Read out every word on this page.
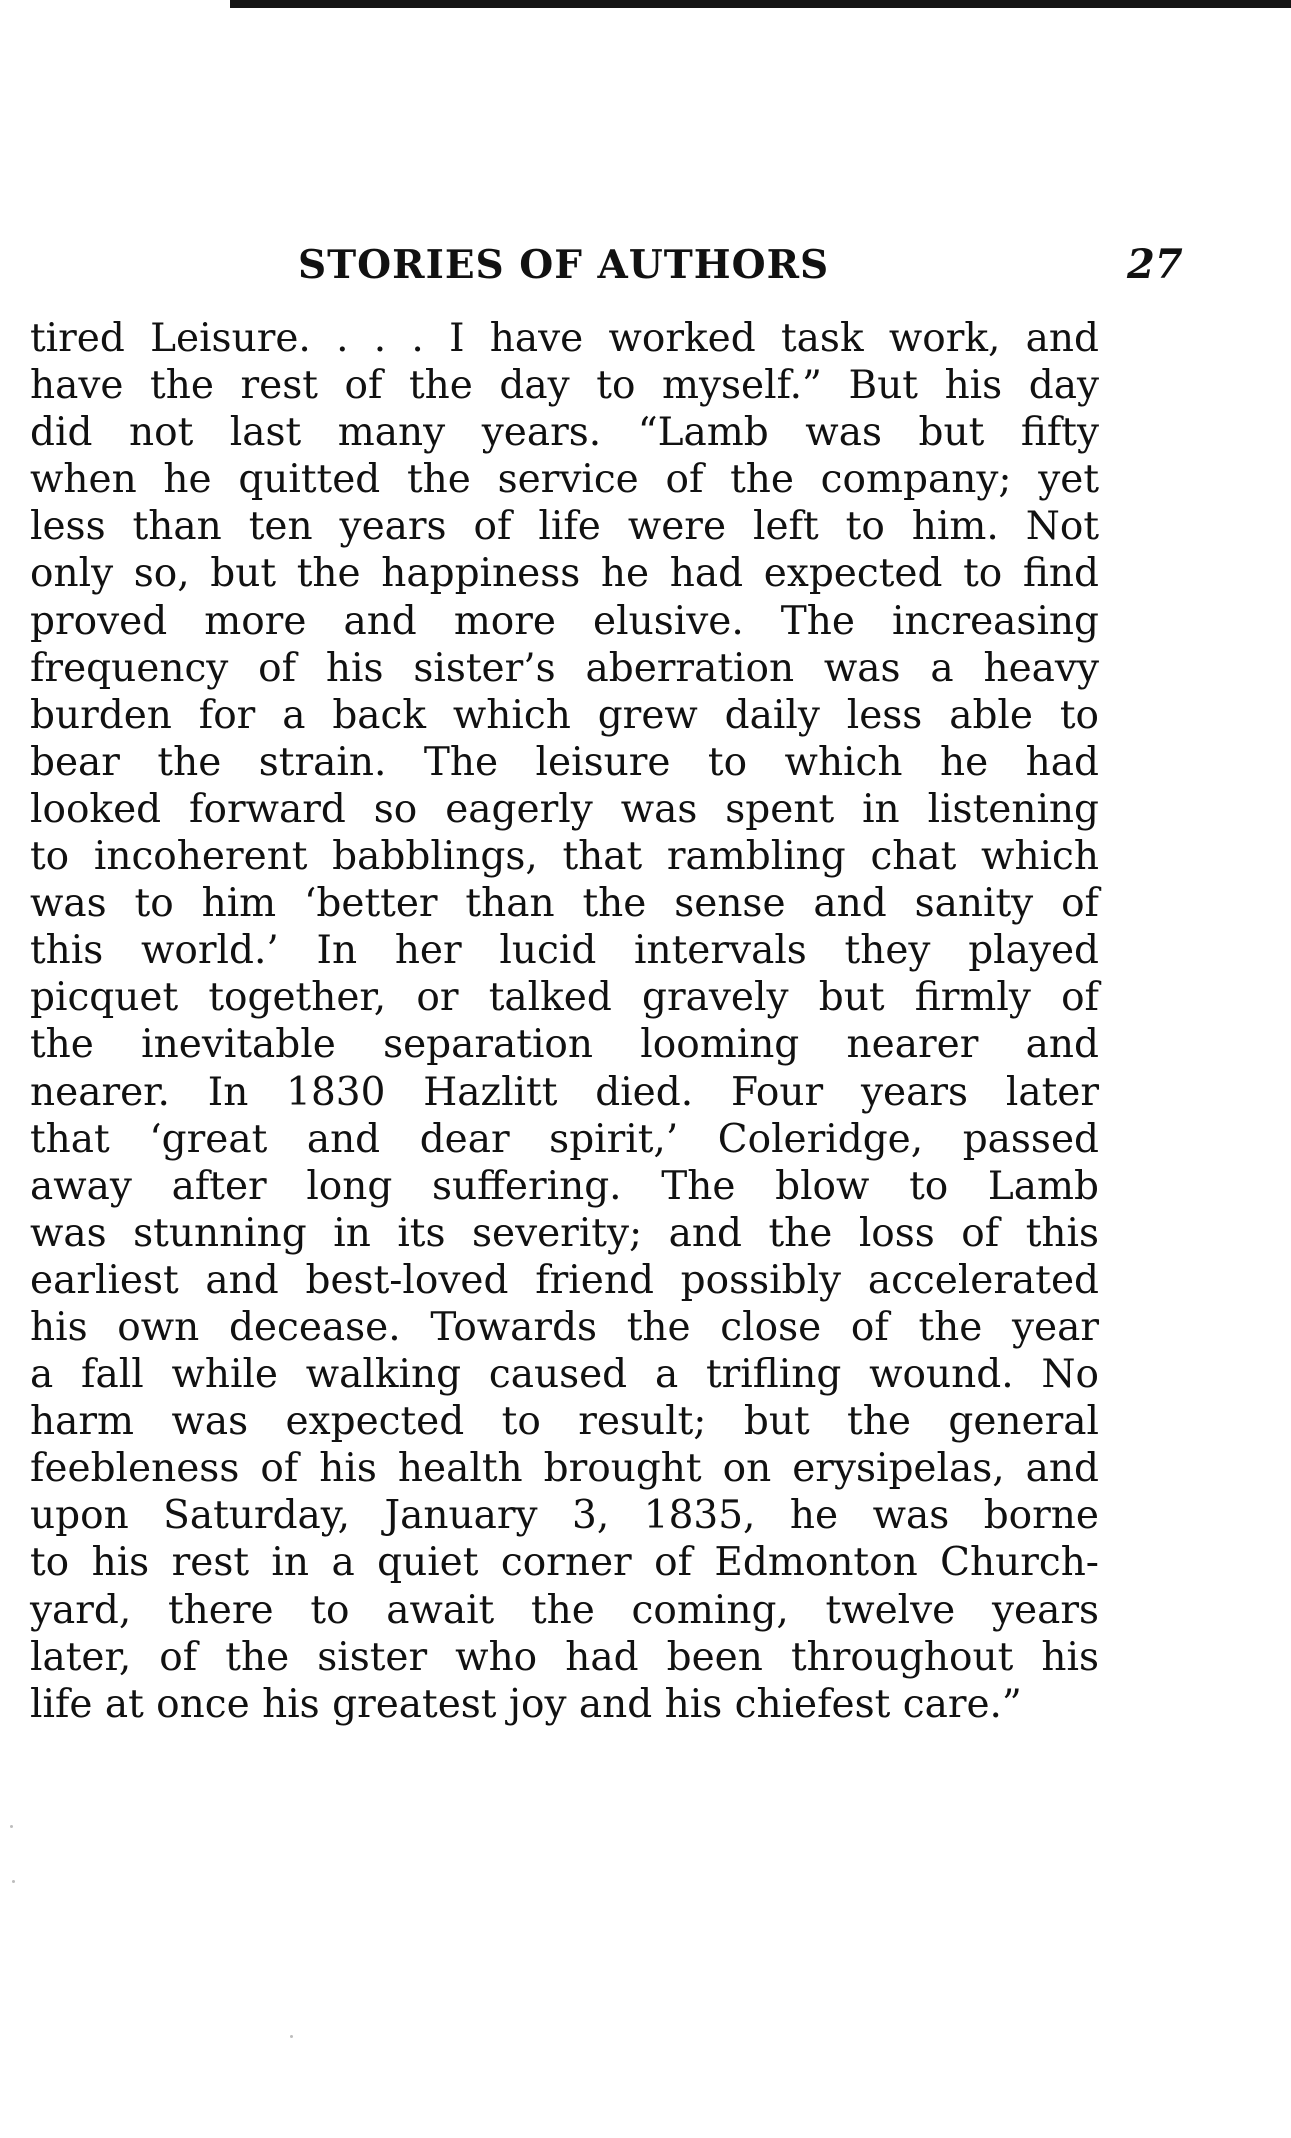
STORIES OF AUTHORS	27
tired Leisure. . . . I have worked task work, and
have the rest of the day to myself.” But his day
did not last many years. “Lamb was but fifty
when he quitted the service of the company; yet
less than ten years of life were left to him. Not
only so, but the happiness he had expected to find
proved more and more elusive. The increasing
frequency of his sister’s aberration was a heavy
burden for a back which grew daily less able to
bear the strain. The leisure to which he had
looked forward so eagerly was spent in listening
to incoherent babblings, that rambling chat which
was to him ‘better than the sense and sanity of
this world.’ In her lucid intervals they played
picquet together, or talked gravely but firmly of
the inevitable separation looming nearer and
nearer. In 1830 Hazlitt died. Four years later
that ‘great and dear spirit,’ Coleridge, passed
away after long suffering. The blow to Lamb
was stunning in its severity; and the loss of this
earliest and best-loved friend possibly accelerated
his own decease. Towards the close of the year
a fall while walking caused a trifling wound. No
harm was expected to result; but the general
feebleness of his health brought on erysipelas, and
upon Saturday, January 3, 1835, he was borne
to his rest in a quiet corner of Edmonton Church-
yard, there to await the coming, twelve years
later, of the sister who had been throughout his
life at once his greatest joy and his chiefest care.”
